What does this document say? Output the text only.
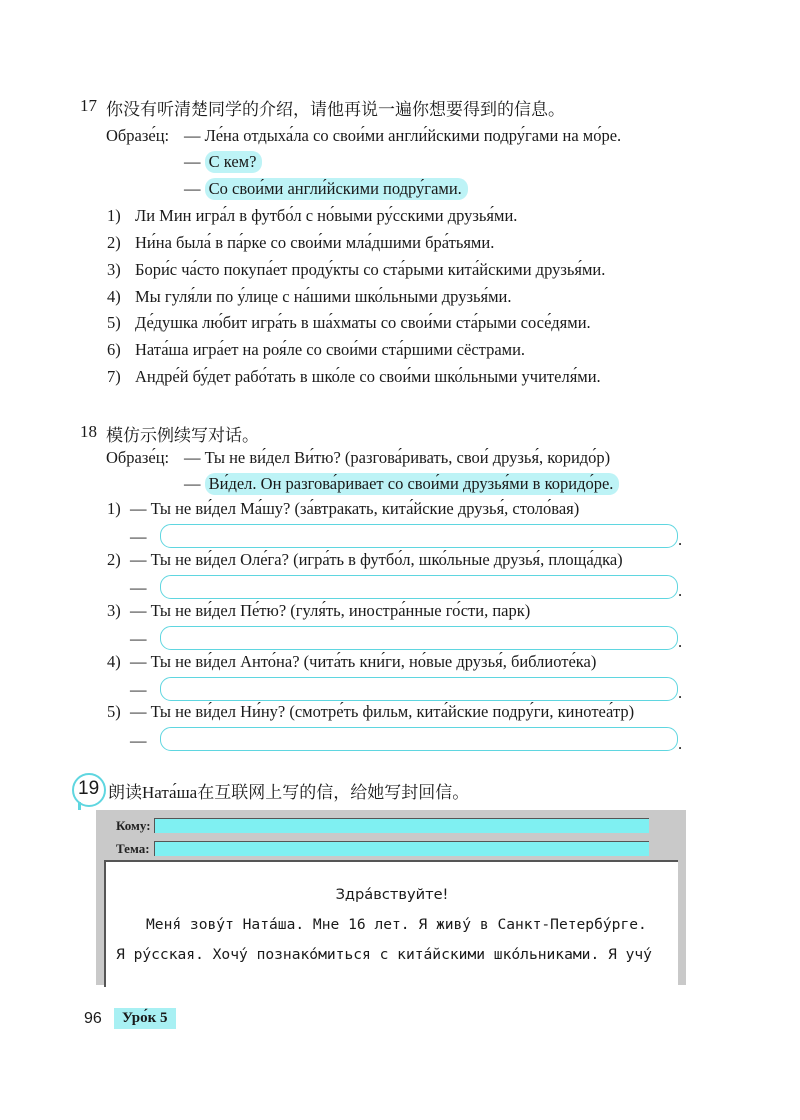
17 你没有听清楚同学的介绍，请他再说一遍你想要得到的信息。
Образе́ц: — Ле́на отдыха́ла со свои́ми англи́йскими подру́гами на мо́ре.
— С кем?
— Со свои́ми англи́йскими подру́гами.
1) Ли Мин игра́л в футбо́л с но́выми ру́сскими друзья́ми.
2) Ни́на была́ в па́рке со свои́ми мла́дшими бра́тьями.
3) Бори́с ча́сто покупа́ет проду́кты со ста́рыми кита́йскими друзья́ми.
4) Мы гуля́ли по у́лице с на́шими шко́льными друзья́ми.
5) Де́душка лю́бит игра́ть в ша́хматы со свои́ми ста́рыми сосе́дями.
6) Ната́ша игра́ет на роя́ле со свои́ми ста́ршими сёстрами.
7) Андре́й бу́дет рабо́тать в шко́ле со свои́ми шко́льными учителя́ми.
18 模仿示例续写对话。
Образе́ц: — Ты не ви́дел Ви́тю? (разгова́ривать, свои́ друзья́, коридо́р)
— Ви́дел. Он разгова́ривает со свои́ми друзья́ми в коридо́ре.
1) — Ты не ви́дел Ма́шу? (за́втракать, кита́йские друзья́, столо́вая)
—	.
2) — Ты не ви́дел Оле́га? (игра́ть в футбо́л, шко́льные друзья́, площа́дка)
—	.
3) — Ты не ви́дел Пе́тю? (гуля́ть, иностра́нные го́сти, парк)
—	.
4) — Ты не ви́дел Анто́на? (чита́ть кни́ги, но́вые друзья́, библиоте́ка)
—	.
5) — Ты не ви́дел Ни́ну? (смотре́ть фильм, кита́йские подру́ги, кинотеа́тр)
—	.
19 朗读Ната́ша在互联网上写的信，给她写封回信。
Кому:
Тема:
Здра́вствуйте!
Меня́ зову́т Ната́ша. Мне 16 лет. Я живу́ в Санкт-Петербу́рге.
Я ру́сская. Хочу́ познако́миться с кита́йскими шко́льниками. Я учу́
96	Уро́к 5
